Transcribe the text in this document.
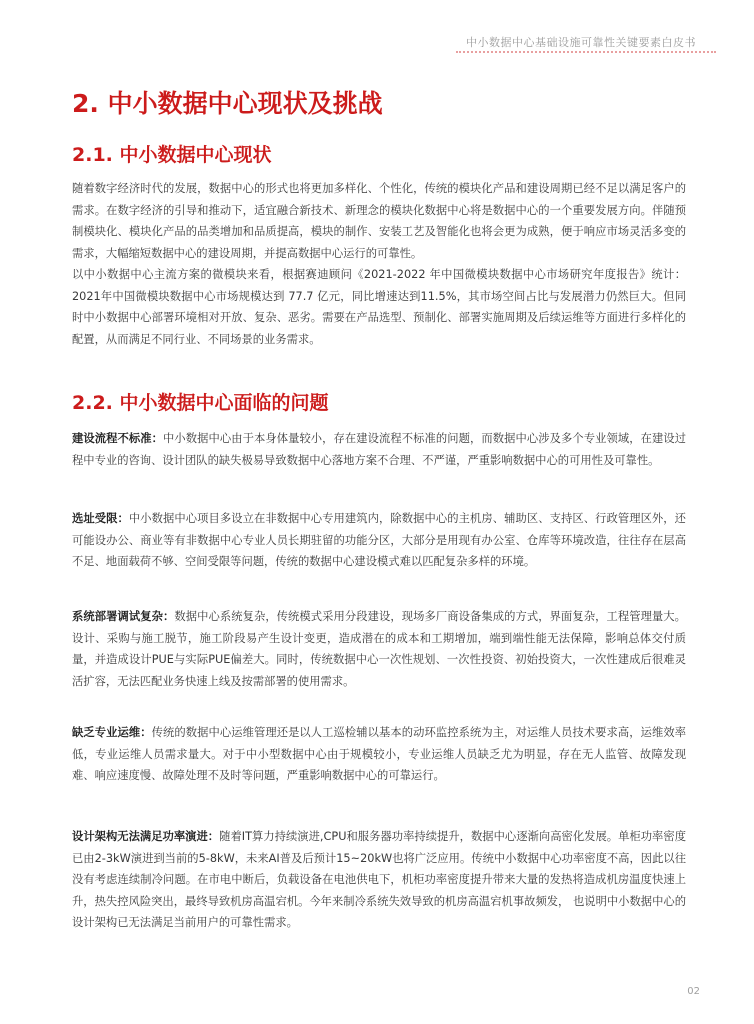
中小数据中心基础设施可靠性关键要素白皮书
2. 中小数据中心现状及挑战
2.1. 中小数据中心现状

随着数字经济时代的发展，数据中心的形式也将更加多样化、个性化，传统的模块化产品和建设周期已经不足以满足客户的需求。在数字经济的引导和推动下，适宜融合新技术、新理念的模块化数据中心将是数据中心的一个重要发展方向。伴随预制模块化、模块化产品的品类增加和品质提高，模块的制作、安装工艺及智能化也将会更为成熟，便于响应市场灵活多变的需求，大幅缩短数据中心的建设周期，并提高数据中心运行的可靠性。

以中小数据中心主流方案的微模块来看，根据赛迪顾问《2021-2022 年中国微模块数据中心市场研究年度报告》统计：2021年中国微模块数据中心市场规模达到 77.7 亿元，同比增速达到11.5%，其市场空间占比与发展潜力仍然巨大。但同时中小数据中心部署环境相对开放、复杂、恶劣。需要在产品选型、预制化、部署实施周期及后续运维等方面进行多样化的配置，从而满足不同行业、不同场景的业务需求。

2.2. 中小数据中心面临的问题

建设流程不标准：中小数据中心由于本身体量较小，存在建设流程不标准的问题，而数据中心涉及多个专业领域，在建设过程中专业的咨询、设计团队的缺失极易导致数据中心落地方案不合理、不严谨，严重影响数据中心的可用性及可靠性。

选址受限：中小数据中心项目多设立在非数据中心专用建筑内，除数据中心的主机房、辅助区、支持区、行政管理区外，还可能设办公、商业等有非数据中心专业人员长期驻留的功能分区，大部分是用现有办公室、仓库等环境改造，往往存在层高不足、地面载荷不够、空间受限等问题，传统的数据中心建设模式难以匹配复杂多样的环境。

系统部署调试复杂：数据中心系统复杂，传统模式采用分段建设，现场多厂商设备集成的方式，界面复杂，工程管理量大。设计、采购与施工脱节，施工阶段易产生设计变更，造成潜在的成本和工期增加，端到端性能无法保障，影响总体交付质量，并造成设计PUE与实际PUE偏差大。同时，传统数据中心一次性规划、一次性投资、初始投资大，一次性建成后很难灵活扩容，无法匹配业务快速上线及按需部署的使用需求。

缺乏专业运维：传统的数据中心运维管理还是以人工巡检辅以基本的动环监控系统为主，对运维人员技术要求高，运维效率低，专业运维人员需求量大。对于中小型数据中心由于规模较小，专业运维人员缺乏尤为明显，存在无人监管、故障发现难、响应速度慢、故障处理不及时等问题，严重影响数据中心的可靠运行。

设计架构无法满足功率演进：随着IT算力持续演进,CPU和服务器功率持续提升，数据中心逐渐向高密化发展。单柜功率密度已由2-3kW演进到当前的5-8kW，未来AI普及后预计15~20kW也将广泛应用。传统中小数据中心功率密度不高，因此以往没有考虑连续制冷问题。在市电中断后，负载设备在电池供电下，机柜功率密度提升带来大量的发热将造成机房温度快速上升，热失控风险突出，最终导致机房高温宕机。今年来制冷系统失效导致的机房高温宕机事故频发， 也说明中小数据中心的设计架构已无法满足当前用户的可靠性需求。

02
